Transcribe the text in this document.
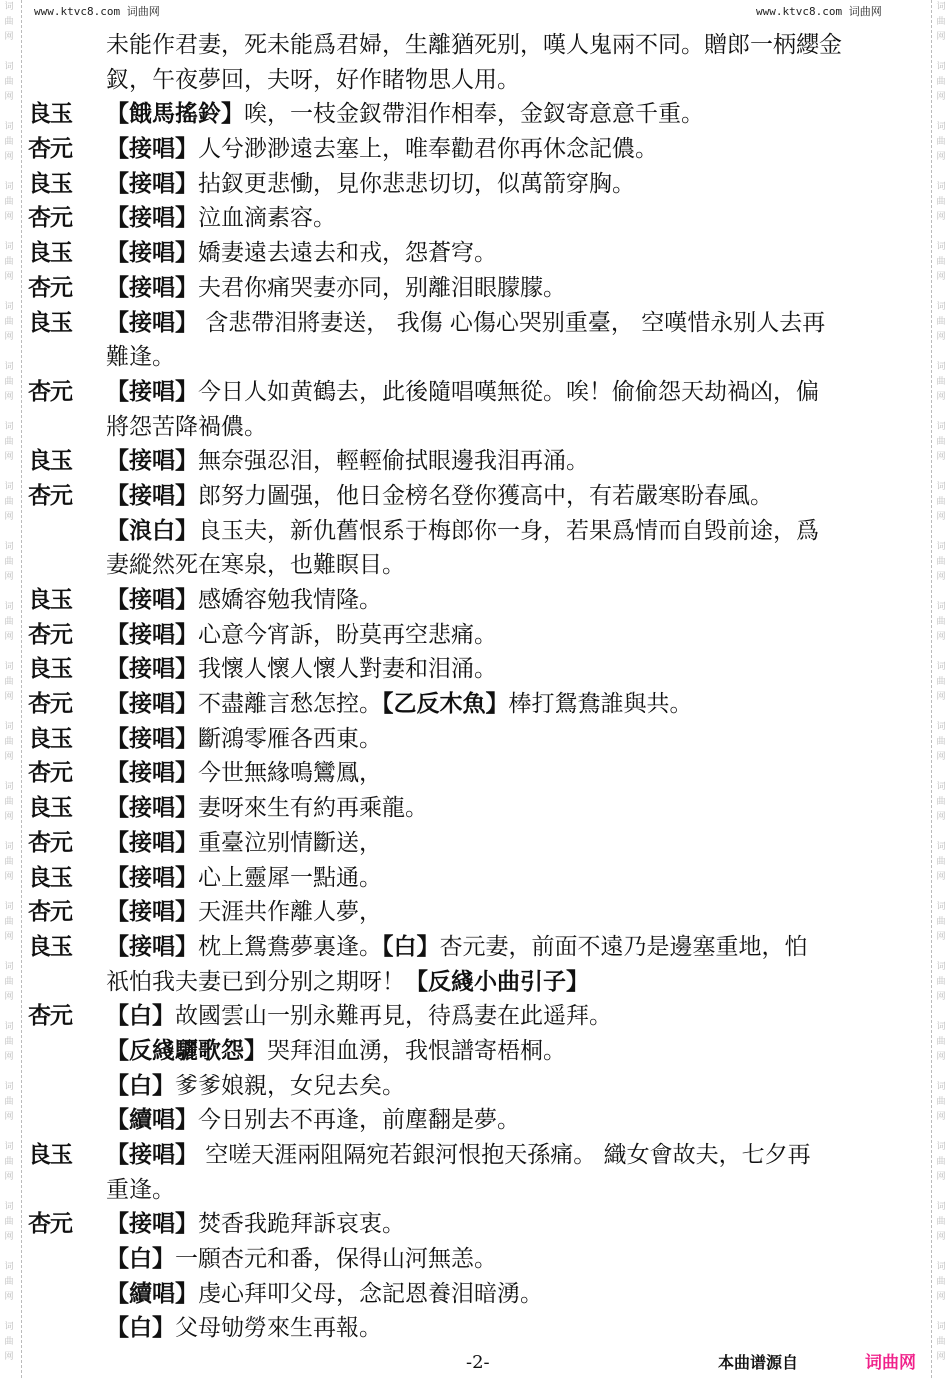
词曲网
词曲网
词曲网
词曲网
词曲网
词曲网
词曲网
词曲网
词曲网
词曲网
词曲网
词曲网
词曲网
词曲网
词曲网
词曲网
词曲网
词曲网
词曲网
词曲网
词曲网
词曲网
词曲网
词曲网
词曲网
词曲网
词曲网
词曲网
词曲网
词曲网
词曲网
词曲网
词曲网
词曲网
词曲网
词曲网
词曲网
词曲网
词曲网
词曲网
词曲网
词曲网
词曲网
词曲网
词曲网
词曲网
www.ktvc8.com 词曲网	www.ktvc8.com 词曲网
未能作君妻，死未能爲君婦，生離猶死别，嘆人鬼兩不同。贈郎一柄纓金
釵，午夜夢回，夫呀，好作睹物思人用。
良玉 【餓馬搖鈴】唉，一枝金釵帶泪作相奉，金釵寄意意千重。
杏元 【接唱】人兮渺渺遠去塞上，唯奉勸君你再休念記儂。
良玉 【接唱】拈釵更悲慟，見你悲悲切切，似萬箭穿胸。
杏元 【接唱】泣血滴素容。
良玉 【接唱】嬌妻遠去遠去和戎，怨蒼穹。
杏元 【接唱】夫君你痛哭妻亦同，别離泪眼朦朦。
良玉 【接唱】 含悲帶泪將妻送， 我傷 心傷心哭别重臺， 空嘆惜永别人去再
難逢。
杏元 【接唱】今日人如黄鶴去，此後隨唱嘆無從。唉！偷偷怨天劫禍凶，偏
將怨苦降禍儂。
良玉 【接唱】無奈强忍泪，輕輕偷拭眼邊我泪再涌。
杏元 【接唱】郎努力圖强，他日金榜名登你獲高中，有若嚴寒盼春風。
【浪白】良玉夫，新仇舊恨系于梅郎你一身，若果爲情而自毁前途，爲
妻縱然死在寒泉，也難瞑目。
良玉 【接唱】感嬌容勉我情隆。
杏元 【接唱】心意今宵訴，盼莫再空悲痛。
良玉 【接唱】我懷人懷人懷人對妻和泪涌。
杏元 【接唱】不盡離言愁怎控。【乙反木魚】棒打鴛鴦誰與共。
良玉 【接唱】斷鴻零雁各西東。
杏元 【接唱】今世無緣鳴鸞鳳，
良玉 【接唱】妻呀來生有約再乘龍。
杏元 【接唱】重臺泣别情斷送，
良玉 【接唱】心上靈犀一點通。
杏元 【接唱】天涯共作離人夢，
良玉 【接唱】枕上鴛鴦夢裏逢。【白】杏元妻，前面不遠乃是邊塞重地，怕
祇怕我夫妻已到分别之期呀！【反綫小曲引子】
杏元 【白】故國雲山一别永難再見，待爲妻在此遥拜。
【反綫驪歌怨】哭拜泪血湧，我恨譜寄梧桐。
【白】爹爹娘親，女兒去矣。
【續唱】今日别去不再逢，前塵翻是夢。
良玉 【接唱】 空嗟天涯兩阻隔宛若銀河恨抱天孫痛。 織女會故夫，七夕再
重逢。
杏元 【接唱】焚香我跪拜訴哀衷。
【白】一願杏元和番，保得山河無恙。
【續唱】虔心拜叩父母，念記恩養泪暗湧。
【白】父母劬勞來生再報。
-2-	本曲谱源自	词曲网
